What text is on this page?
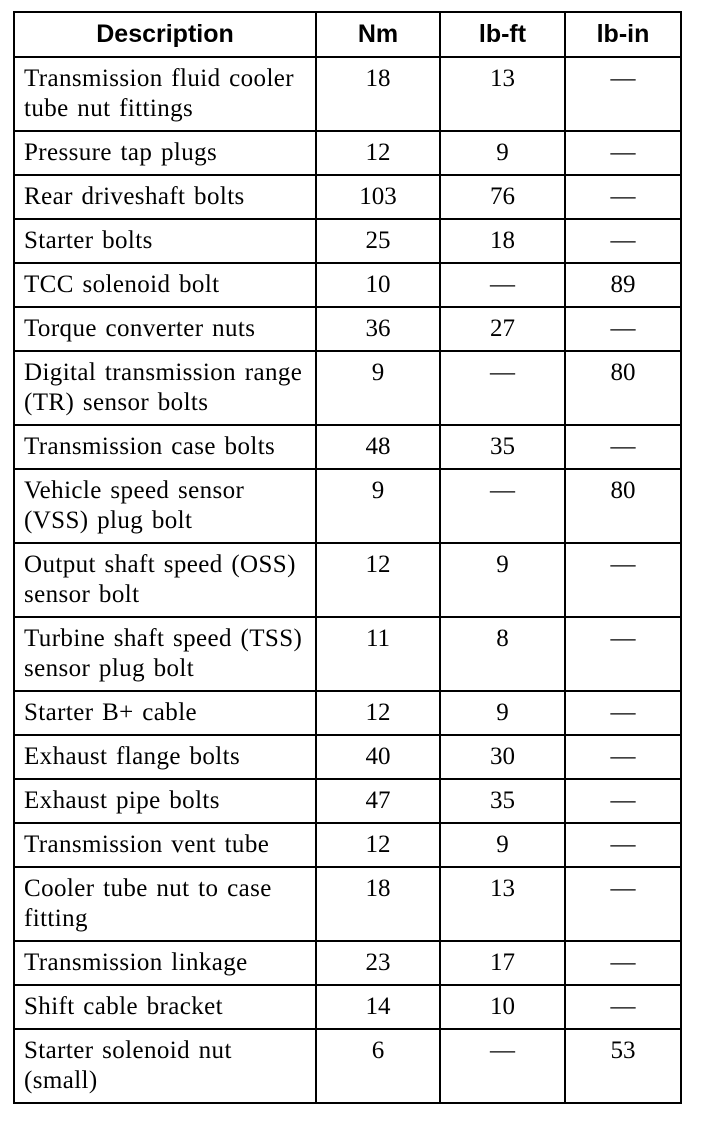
Description	Nm	lb-ft	lb-in
Transmission fluid cooler tube nut fittings	18	13	—
Pressure tap plugs	12	9	—
Rear driveshaft bolts	103	76	—
Starter bolts	25	18	—
TCC solenoid bolt	10	—	89
Torque converter nuts	36	27	—
Digital transmission range (TR) sensor bolts	9	—	80
Transmission case bolts	48	35	—
Vehicle speed sensor (VSS) plug bolt	9	—	80
Output shaft speed (OSS) sensor bolt	12	9	—
Turbine shaft speed (TSS) sensor plug bolt	11	8	—
Starter B+ cable	12	9	—
Exhaust flange bolts	40	30	—
Exhaust pipe bolts	47	35	—
Transmission vent tube	12	9	—
Cooler tube nut to case fitting	18	13	—
Transmission linkage	23	17	—
Shift cable bracket	14	10	—
Starter solenoid nut (small)	6	—	53
